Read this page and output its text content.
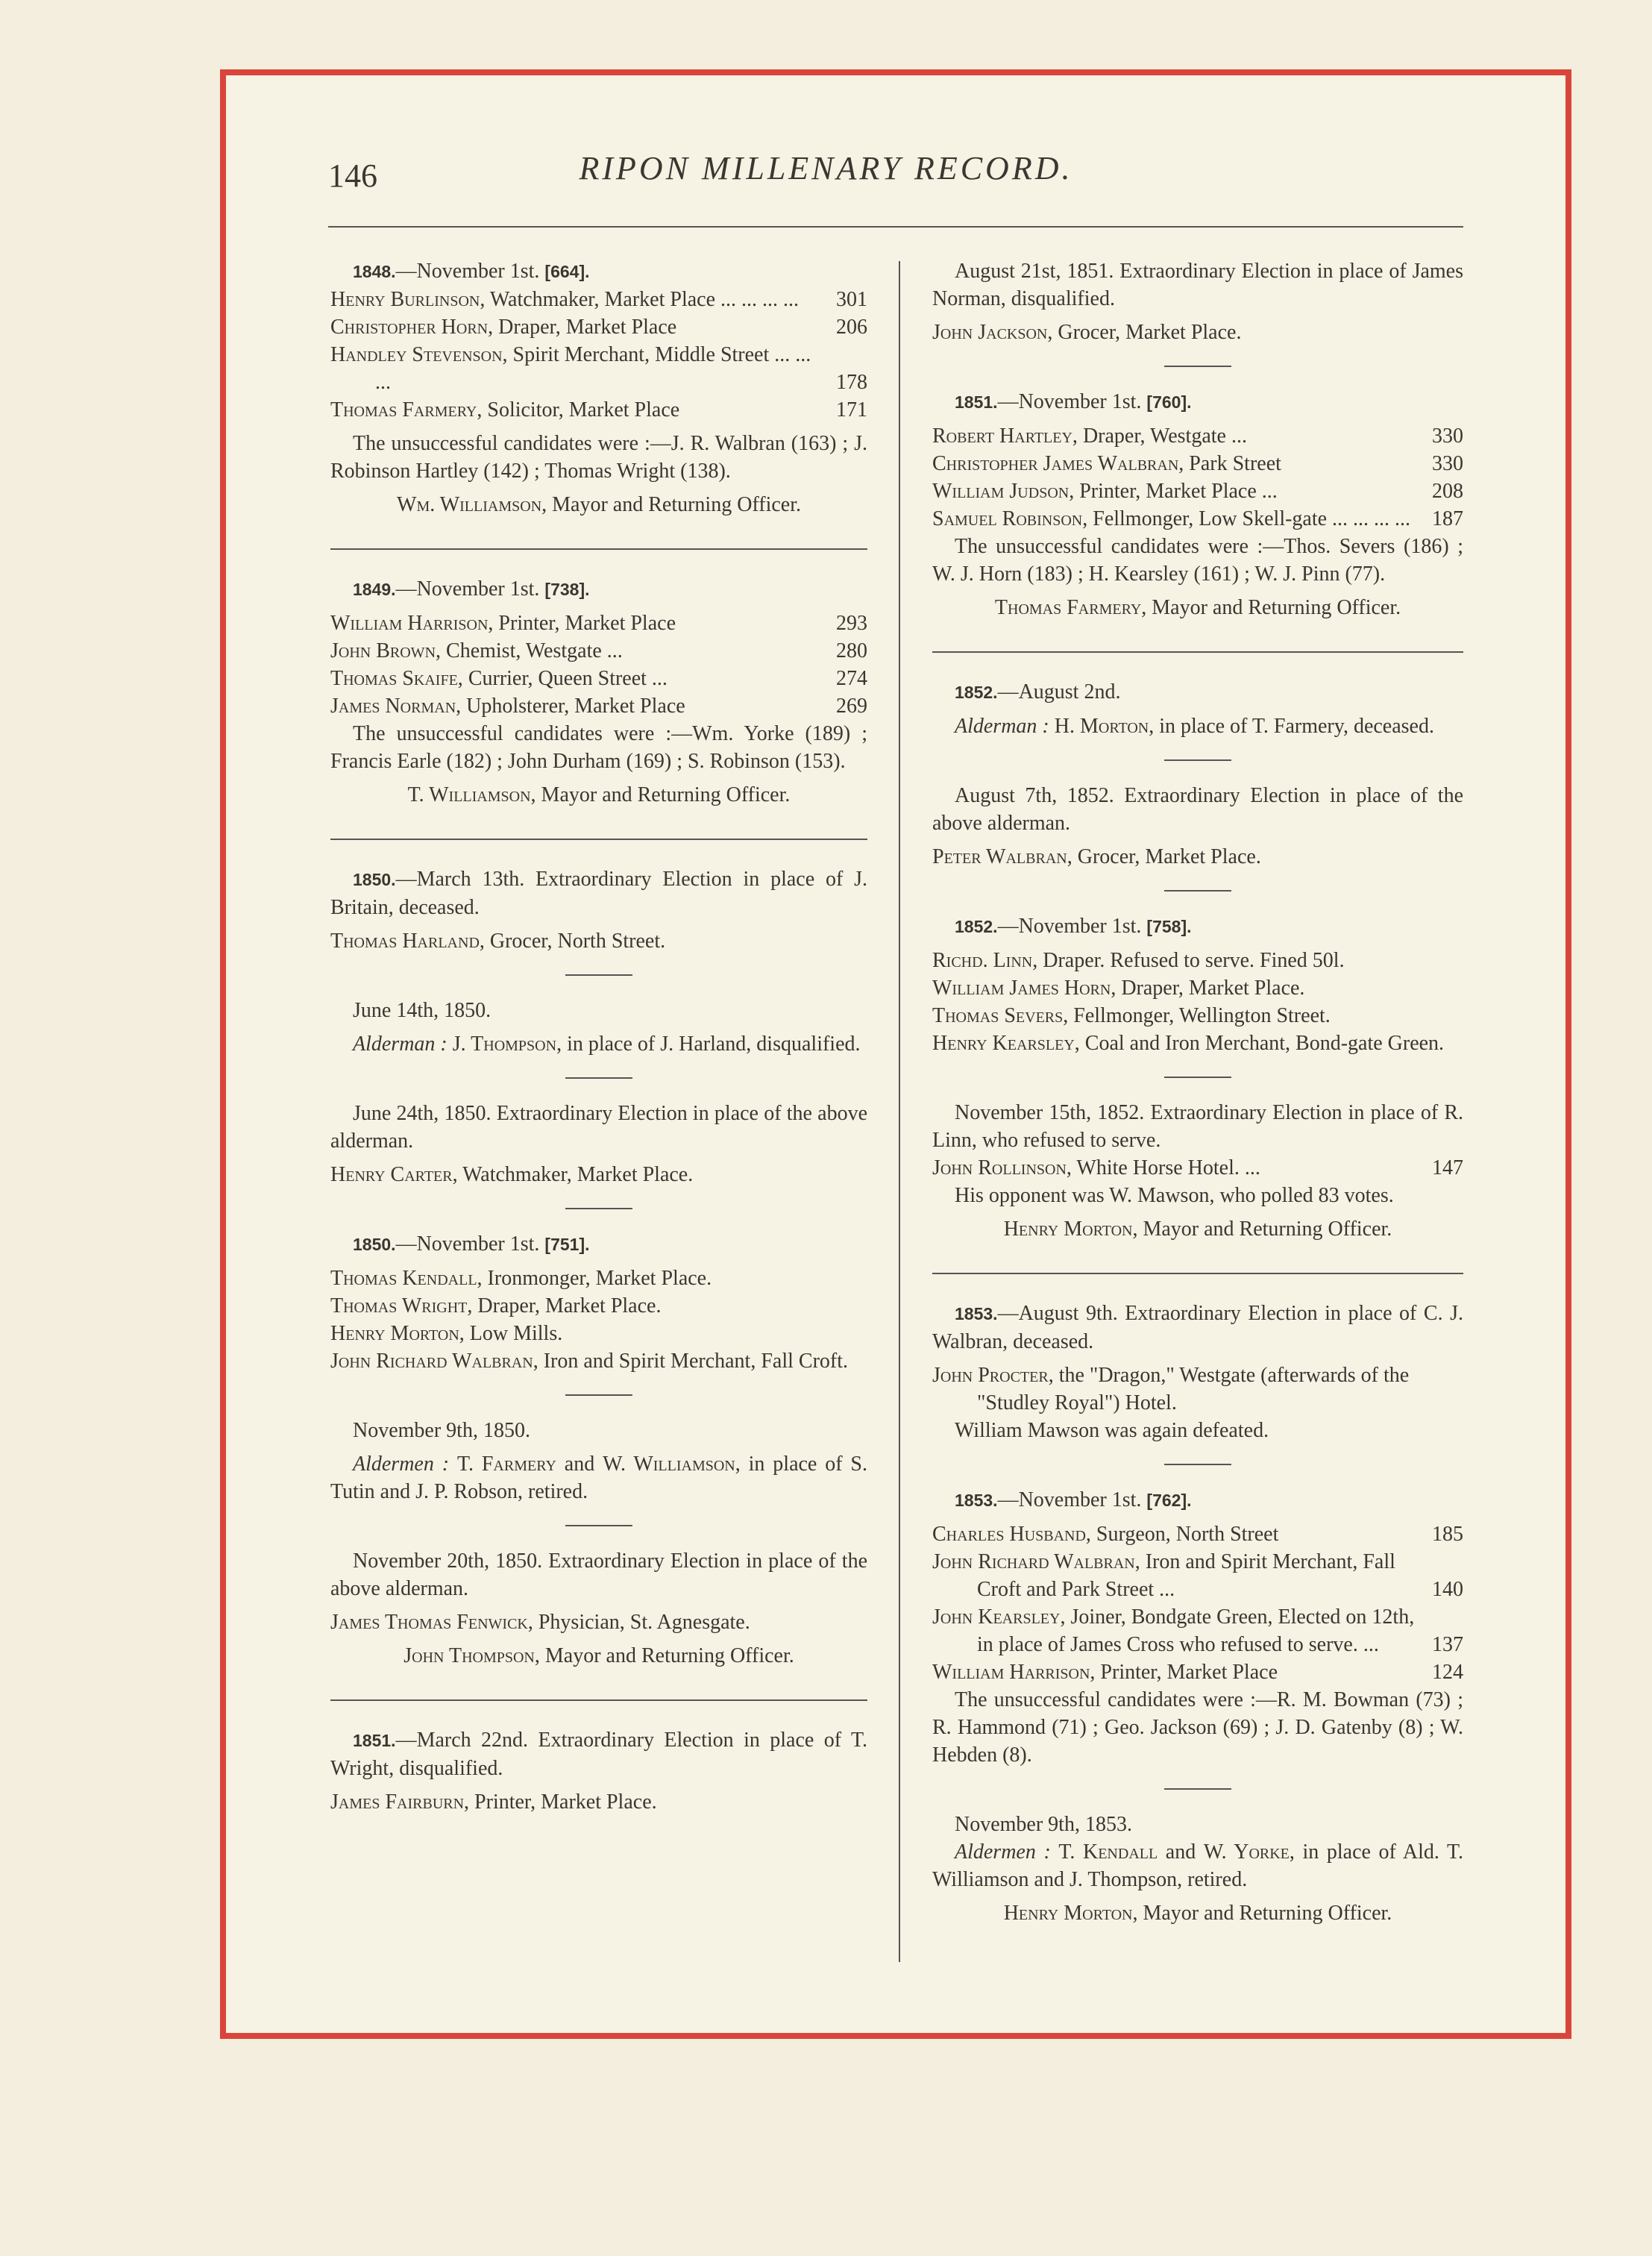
146	RIPON MILLENARY RECORD.
1848.—November 1st. [664].
Henry Burlinson, Watchmaker, Market Place ... ... ... ...	301
Christopher Horn, Draper, Market Place	206
Handley Stevenson, Spirit Merchant, Middle Street ... ... ...	178
Thomas Farmery, Solicitor, Market Place	171
The unsuccessful candidates were :—J. R. Walbran (163) ; J. Robinson Hartley (142) ; Thomas Wright (138).
Wm. Williamson, Mayor and Returning Officer.
1849.—November 1st. [738].
William Harrison, Printer, Market Place	293
John Brown, Chemist, Westgate ...	280
Thomas Skaife, Currier, Queen Street ...	274
James Norman, Upholsterer, Market Place	269
The unsuccessful candidates were :—Wm. Yorke (189) ; Francis Earle (182) ; John Durham (169) ; S. Robinson (153).
T. Williamson, Mayor and Returning Officer.
1850.—March 13th. Extraordinary Election in place of J. Britain, deceased.
Thomas Harland, Grocer, North Street.
June 14th, 1850.
Alderman : J. Thompson, in place of J. Harland, disqualified.
June 24th, 1850. Extraordinary Election in place of the above alderman.
Henry Carter, Watchmaker, Market Place.
1850.—November 1st. [751].
Thomas Kendall, Ironmonger, Market Place.
Thomas Wright, Draper, Market Place.
Henry Morton, Low Mills.
John Richard Walbran, Iron and Spirit Merchant, Fall Croft.
November 9th, 1850.
Aldermen : T. Farmery and W. Williamson, in place of S. Tutin and J. P. Robson, retired.
November 20th, 1850. Extraordinary Election in place of the above alderman.
James Thomas Fenwick, Physician, St. Agnesgate.
John Thompson, Mayor and Returning Officer.
1851.—March 22nd. Extraordinary Election in place of T. Wright, disqualified.
James Fairburn, Printer, Market Place.
August 21st, 1851. Extraordinary Election in place of James Norman, disqualified.
John Jackson, Grocer, Market Place.
1851.—November 1st. [760].
Robert Hartley, Draper, Westgate ...	330
Christopher James Walbran, Park Street	330
William Judson, Printer, Market Place ...	208
Samuel Robinson, Fellmonger, Low Skell-gate ... ... ... ...	187
The unsuccessful candidates were :—Thos. Severs (186) ; W. J. Horn (183) ; H. Kearsley (161) ; W. J. Pinn (77).
Thomas Farmery, Mayor and Returning Officer.
1852.—August 2nd.
Alderman : H. Morton, in place of T. Farmery, deceased.
August 7th, 1852. Extraordinary Election in place of the above alderman.
Peter Walbran, Grocer, Market Place.
1852.—November 1st. [758].
Richd. Linn, Draper. Refused to serve. Fined 50l.
William James Horn, Draper, Market Place.
Thomas Severs, Fellmonger, Wellington Street.
Henry Kearsley, Coal and Iron Merchant, Bond-gate Green.
November 15th, 1852. Extraordinary Election in place of R. Linn, who refused to serve.
John Rollinson, White Horse Hotel. ...	147
His opponent was W. Mawson, who polled 83 votes.
Henry Morton, Mayor and Returning Officer.
1853.—August 9th. Extraordinary Election in place of C. J. Walbran, deceased.
John Procter, the "Dragon," Westgate (afterwards of the "Studley Royal") Hotel.
William Mawson was again defeated.
1853.—November 1st. [762].
Charles Husband, Surgeon, North Street	185
John Richard Walbran, Iron and Spirit Merchant, Fall Croft and Park Street ...	140
John Kearsley, Joiner, Bondgate Green, Elected on 12th, in place of James Cross who refused to serve. ...	137
William Harrison, Printer, Market Place	124
The unsuccessful candidates were :—R. M. Bowman (73) ; R. Hammond (71) ; Geo. Jackson (69) ; J. D. Gatenby (8) ; W. Hebden (8).
November 9th, 1853.
Aldermen : T. Kendall and W. Yorke, in place of Ald. T. Williamson and J. Thompson, retired.
Henry Morton, Mayor and Returning Officer.
